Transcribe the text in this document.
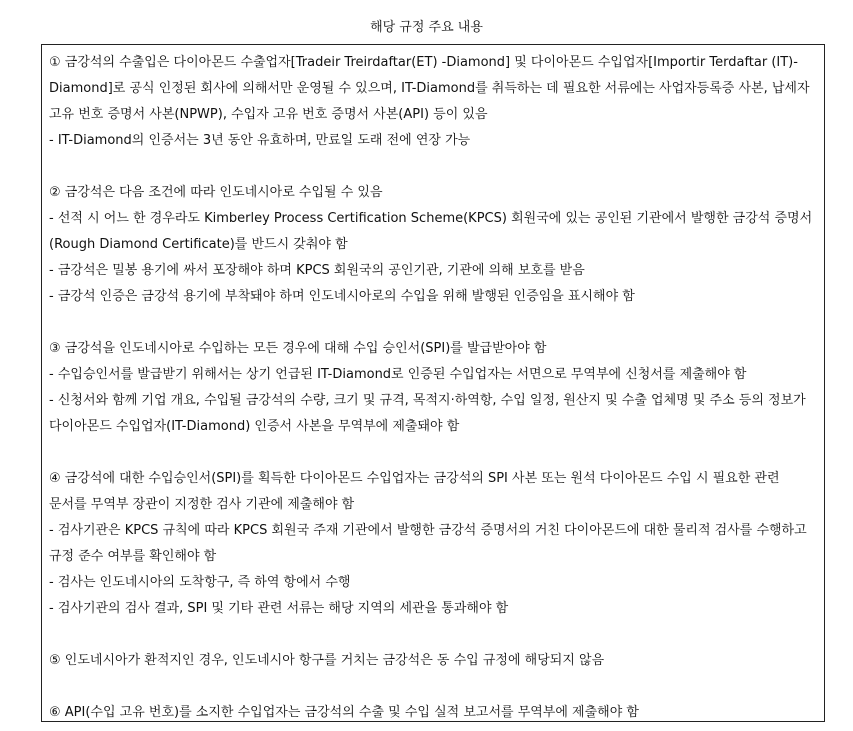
해당 규정 주요 내용
① 금강석의 수출입은 다이아몬드 수출업자[Tradeir Treirdaftar(ET) -Diamond] 및 다이아몬드 수입업자[Importir Terdaftar (IT)-Diamond]로 공식 인정된 회사에 의해서만 운영될 수 있으며, IT-Diamond를 취득하는 데 필요한 서류에는 사업자등록증 사본, 납세자 고유 번호 증명서 사본(NPWP), 수입자 고유 번호 증명서 사본(API) 등이 있음
- IT-Diamond의 인증서는 3년 동안 유효하며, 만료일 도래 전에 연장 가능
② 금강석은 다음 조건에 따라 인도네시아로 수입될 수 있음
- 선적 시 어느 한 경우라도 Kimberley Process Certification Scheme(KPCS) 회원국에 있는 공인된 기관에서 발행한 금강석 증명서(Rough Diamond Certificate)를 반드시 갖춰야 함
- 금강석은 밀봉 용기에 싸서 포장해야 하며 KPCS 회원국의 공인기관, 기관에 의해 보호를 받음
- 금강석 인증은 금강석 용기에 부착돼야 하며 인도네시아로의 수입을 위해 발행된 인증임을 표시해야 함
③ 금강석을 인도네시아로 수입하는 모든 경우에 대해 수입 승인서(SPI)를 발급받아야 함
- 수입승인서를 발급받기 위해서는 상기 언급된 IT-Diamond로 인증된 수입업자는 서면으로 무역부에 신청서를 제출해야 함
- 신청서와 함께 기업 개요, 수입될 금강석의 수량, 크기 및 규격, 목적지·하역항, 수입 일정, 원산지 및 수출 업체명 및 주소 등의 정보가 다이아몬드 수입업자(IT-Diamond) 인증서 사본을 무역부에 제출돼야 함
④ 금강석에 대한 수입승인서(SPI)를 획득한 다이아몬드 수입업자는 금강석의 SPI 사본 또는 원석 다이아몬드 수입 시 필요한 관련 문서를 무역부 장관이 지정한 검사 기관에 제출해야 함
- 검사기관은 KPCS 규칙에 따라 KPCS 회원국 주재 기관에서 발행한 금강석 증명서의 거친 다이아몬드에 대한 물리적 검사를 수행하고 규정 준수 여부를 확인해야 함
- 검사는 인도네시아의 도착항구, 즉 하역 항에서 수행
- 검사기관의 검사 결과, SPI 및 기타 관련 서류는 해당 지역의 세관을 통과해야 함
⑤ 인도네시아가 환적지인 경우, 인도네시아 항구를 거치는 금강석은 동 수입 규정에 해당되지 않음
⑥ API(수입 고유 번호)를 소지한 수입업자는 금강석의 수출 및 수입 실적 보고서를 무역부에 제출해야 함
